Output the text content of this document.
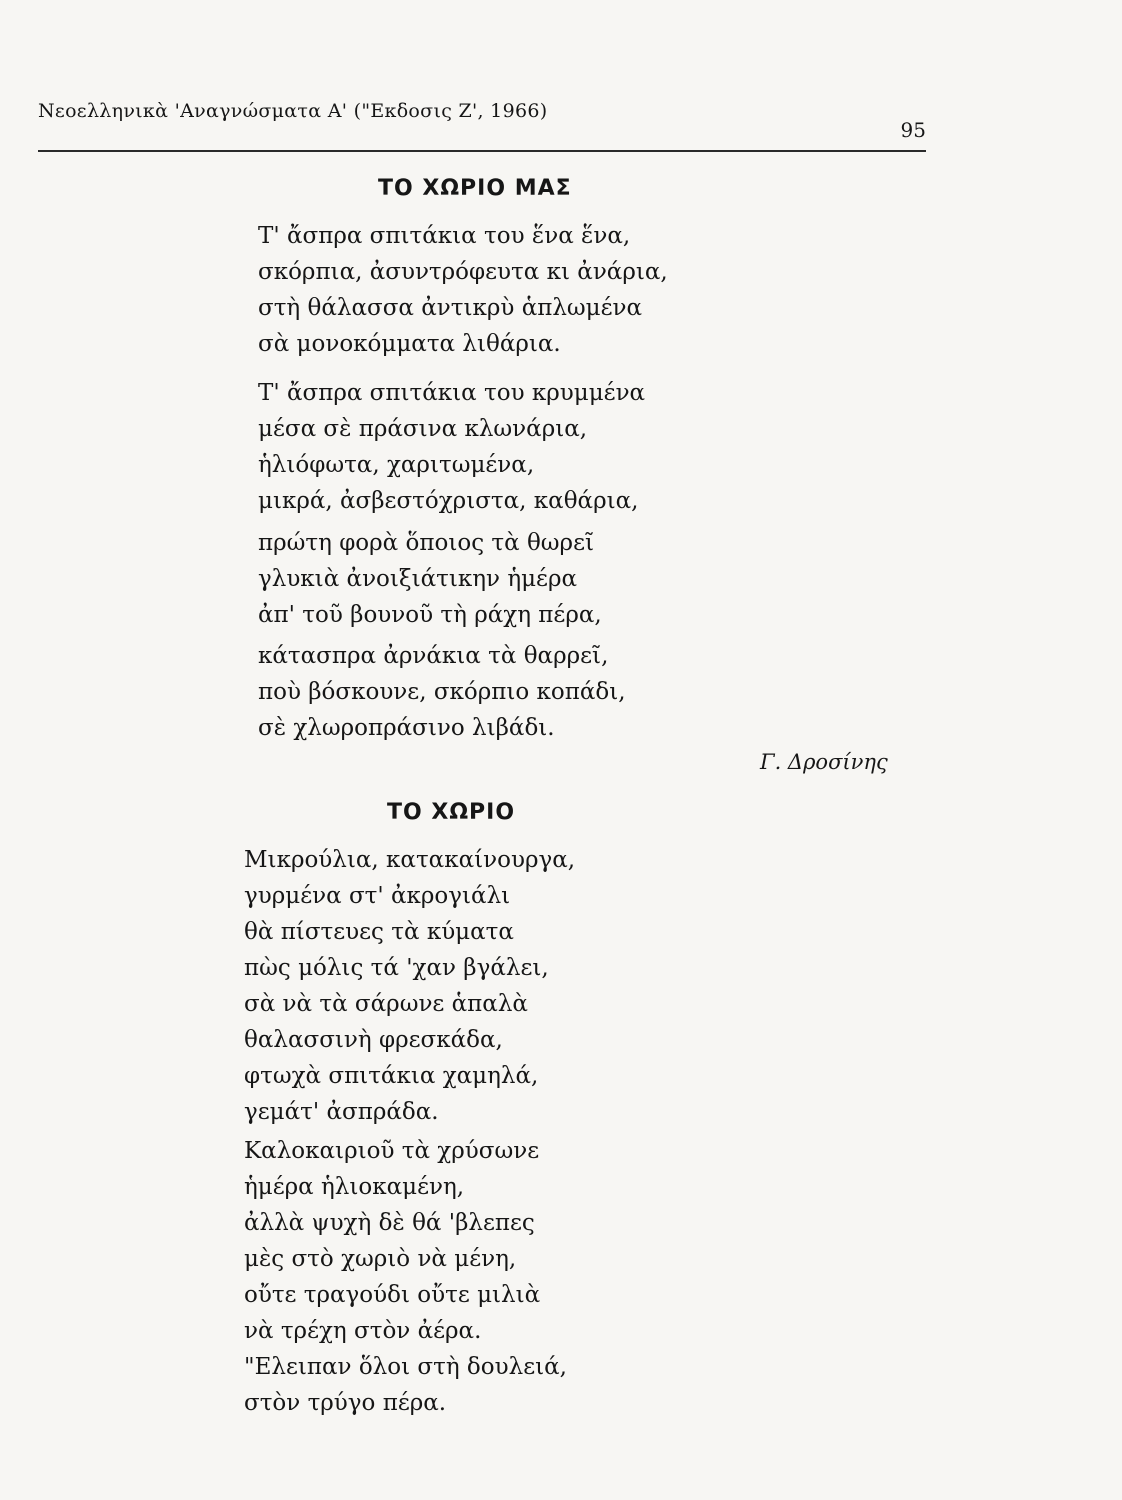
Νεοελληνικὰ 'Αναγνώσματα Α' ("Εκδοσις Ζ', 1966)
95
ΤΟ ΧΩΡΙΟ ΜΑΣ
Τ' ἄσπρα σπιτάκια του ἕνα ἕνα,
σκόρπια, ἀσυντρόφευτα κι ἀνάρια,
στὴ θάλασσα ἀντικρὺ ἁπλωμένα
σὰ μονοκόμματα λιθάρια.
Τ' ἄσπρα σπιτάκια του κρυμμένα
μέσα σὲ πράσινα κλωνάρια,
ἡλιόφωτα, χαριτωμένα,
μικρά, ἀσβεστόχριστα, καθάρια,
πρώτη φορὰ ὅποιος τὰ θωρεῖ
γλυκιὰ ἀνοιξιάτικην ἡμέρα
ἀπ' τοῦ βουνοῦ τὴ ράχη πέρα,
κάτασπρα ἀρνάκια τὰ θαρρεῖ,
ποὺ βόσκουνε, σκόρπιο κοπάδι,
σὲ χλωροπράσινο λιβάδι.
Γ. Δροσίνης
ΤΟ ΧΩΡΙΟ
Μικρούλια, κατακαίνουργα,
γυρμένα στ' ἀκρογιάλι
θὰ πίστευες τὰ κύματα
πὼς μόλις τά 'χαν βγάλει,
σὰ νὰ τὰ σάρωνε ἁπαλὰ
θαλασσινὴ φρεσκάδα,
φτωχὰ σπιτάκια χαμηλά,
γεμάτ' ἀσπράδα.
Καλοκαιριοῦ τὰ χρύσωνε
ἡμέρα ἡλιοκαμένη,
ἀλλὰ ψυχὴ δὲ θά 'βλεπες
μὲς στὸ χωριὸ νὰ μένη,
οὔτε τραγούδι οὔτε μιλιὰ
νὰ τρέχη στὸν ἀέρα.
"Ελειπαν ὅλοι στὴ δουλειά,
στὸν τρύγο πέρα.
